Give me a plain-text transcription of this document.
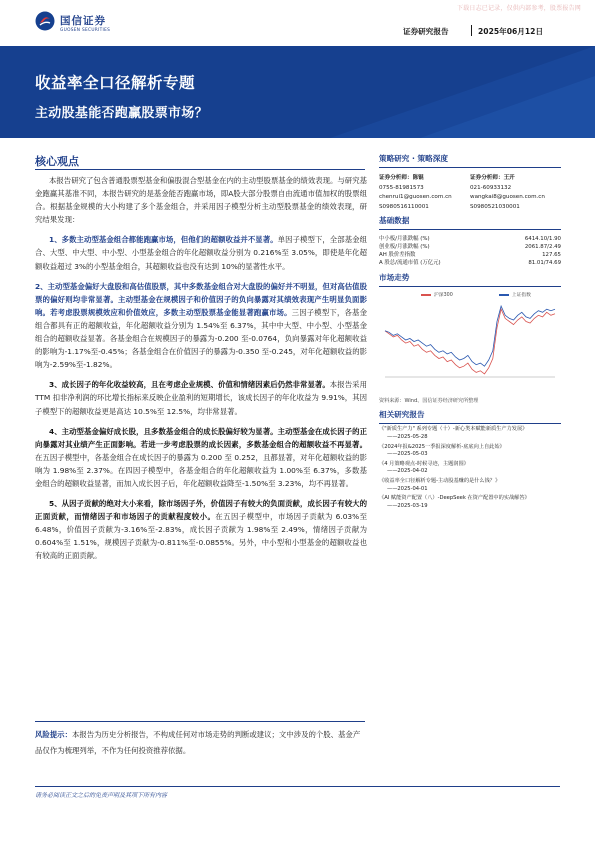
下载日志已记录，仅供内部参考，股票报告网
国信证券
GUOSEN SECURITIES	证券研究报告	2025年06月12日
收益率全口径解析专题
主动股基能否跑赢股票市场？
核心观点

本报告研究了包含普通股票型基金和偏股混合型基金在内的主动型股票基金的绩效表现。与研究基金跑赢其基准不同，本报告研究的是基金能否跑赢市场，即A股大部分股票自由流通市值加权的股票组合。根据基金规模的大小构建了多个基金组合，并采用因子模型分析主动型股票基金的绩效表现，研究结果发现：

1、多数主动型基金组合都能跑赢市场，但他们的超额收益并不显著。单因子模型下，全部基金组合、大型、中大型、中小型、小型基金组合的年化超额收益分别为 0.216%至 3.05%，即使是年化超额收益超过 3%的小型基金组合，其超额收益也没有达到 10%的显著性水平。

2、主动型基金偏好大盘股和高估值股票，其中多数基金组合对大盘股的偏好并不明显，但对高估值股票的偏好则均非常显著。主动型基金在规模因子和价值因子的负向暴露对其绩效表现产生明显负面影响。若考虑股票规模效应和价值效应，多数主动型股票基金能显著跑赢市场。三因子模型下，各基金组合都具有正的超额收益，年化超额收益分别为 1.54%至 6.37%，其中中大型、中小型、小型基金组合的超额收益显著。各基金组合在规模因子的暴露为-0.200 至-0.0764，负向暴露对年化超额收益的影响为-1.17%至-0.45%；各基金组合在价值因子的暴露为-0.350 至-0.245，对年化超额收益的影响为-2.59%至-1.82%。

3、成长因子的年化收益较高，且在考虑企业规模、价值和情绪因素后仍然非常显著。本报告采用 TTM 扣非净利润的环比增长指标来反映企业盈利的短期增长，该成长因子的年化收益为 9.91%，其因子模型下的超额收益更是高达 10.5%至 12.5%，均非常显著。

4、主动型基金偏好成长股，且多数基金组合的成长股偏好较为显著。主动型基金在成长因子的正向暴露对其业绩产生正面影响。若进一步考虑股票的成长因素，多数基金组合的超额收益不再显著。在五因子模型中，各基金组合在成长因子的暴露为 0.200 至 0.252，且都显著，对年化超额收益的影响为 1.98%至 2.37%。在四因子模型中，各基金组合的年化超额收益为 1.00%至 6.37%，多数基金组合的超额收益显著，而加入成长因子后，年化超额收益降至-1.50%至 3.23%，均不再显著。

5、从因子贡献的绝对大小来看，除市场因子外，价值因子有较大的负面贡献，成长因子有较大的正面贡献，而情绪因子和市场因子的贡献程度较小。在五因子模型中，市场因子贡献为 6.03%至 6.48%，价值因子贡献为-3.16%至-2.83%，成长因子贡献为 1.98%至 2.49%，情绪因子贡献为 0.604%至 1.51%，规模因子贡献为-0.811%至-0.0855%。另外，中小型和小型基金的超额收益也有较高的正面贡献。

风险提示：本报告为历史分析报告，不构成任何对市场走势的判断或建议；文中涉及的个股、基金产品仅作为梳理列举，不作为任何投资推荐依据。
请务必阅读正文之后的免责声明及其项下所有内容
策略研究 · 策略深度
证券分析师：陈锟
0755-81981573
chenrui1@guosen.com.cn
S0980516110001
证券分析师：王开
021-60933132
wangkai8@guosen.com.cn
S0980521030001
基础数据
中小板/月涨跌幅 (%)	6414.10/1.90
创业板/月涨跌幅 (%)	2061.87/2.49
AH 股价差指数	127.65
A 股总/流通市值 (万亿元)	81.01/74.69
市场走势
沪深300	上证指数
资料来源：Wind、国信证券经济研究所整理
相关研究报告
《"新质生产力" 系列专题（十）-新心类本赋能新质生产力发展》
——2025-05-28
《2024年报&2025一季报深度解析-底底向上自此始》
——2025-05-03
《4 月策略观点-时候寻迹，主题润围》
——2025-04-02
《收益率全口径解析专题-主动股基赚的是什么钱？》
——2025-04-01
《AI 赋能资产配置（八）-DeepSeek 在资产配置中的实战解答》
——2025-03-19
